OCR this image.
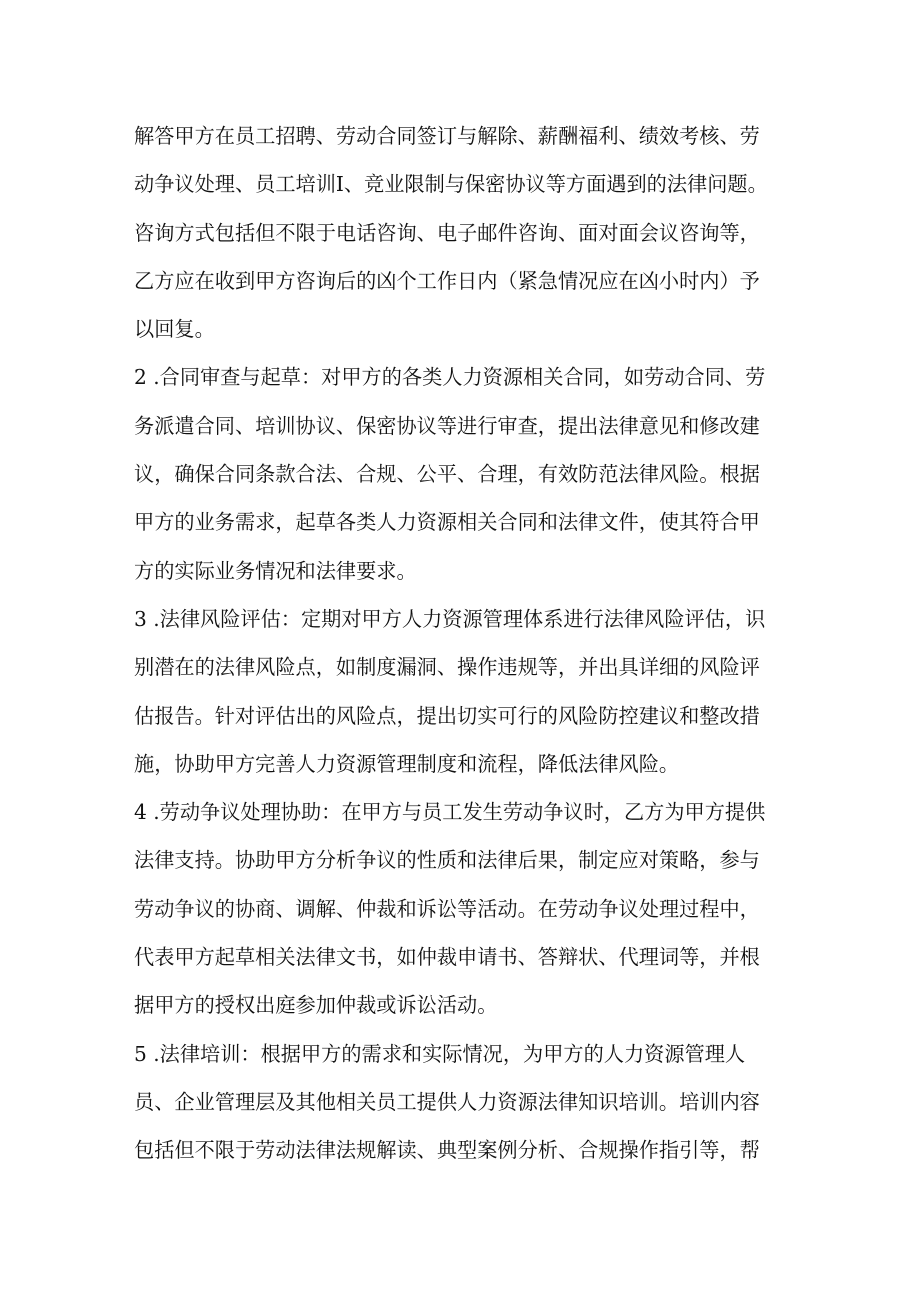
解答甲方在员工招聘、劳动合同签订与解除、薪酬福利、绩效考核、劳
动争议处理、员工培训I、竞业限制与保密协议等方面遇到的法律问题。
咨询方式包括但不限于电话咨询、电子邮件咨询、面对面会议咨询等，
乙方应在收到甲方咨询后的凶个工作日内（紧急情况应在凶小时内）予
以回复。
2 .合同审查与起草：对甲方的各类人力资源相关合同，如劳动合同、劳
务派遣合同、培训协议、保密协议等进行审查，提出法律意见和修改建
议，确保合同条款合法、合规、公平、合理，有效防范法律风险。根据
甲方的业务需求，起草各类人力资源相关合同和法律文件，使其符合甲
方的实际业务情况和法律要求。
3 .法律风险评估：定期对甲方人力资源管理体系进行法律风险评估，识
别潜在的法律风险点，如制度漏洞、操作违规等，并出具详细的风险评
估报告。针对评估出的风险点，提出切实可行的风险防控建议和整改措
施，协助甲方完善人力资源管理制度和流程，降低法律风险。
4 .劳动争议处理协助：在甲方与员工发生劳动争议时，乙方为甲方提供
法律支持。协助甲方分析争议的性质和法律后果，制定应对策略，参与
劳动争议的协商、调解、仲裁和诉讼等活动。在劳动争议处理过程中，
代表甲方起草相关法律文书，如仲裁申请书、答辩状、代理词等，并根
据甲方的授权出庭参加仲裁或诉讼活动。
5 .法律培训：根据甲方的需求和实际情况，为甲方的人力资源管理人
员、企业管理层及其他相关员工提供人力资源法律知识培训。培训内容
包括但不限于劳动法律法规解读、典型案例分析、合规操作指引等，帮
